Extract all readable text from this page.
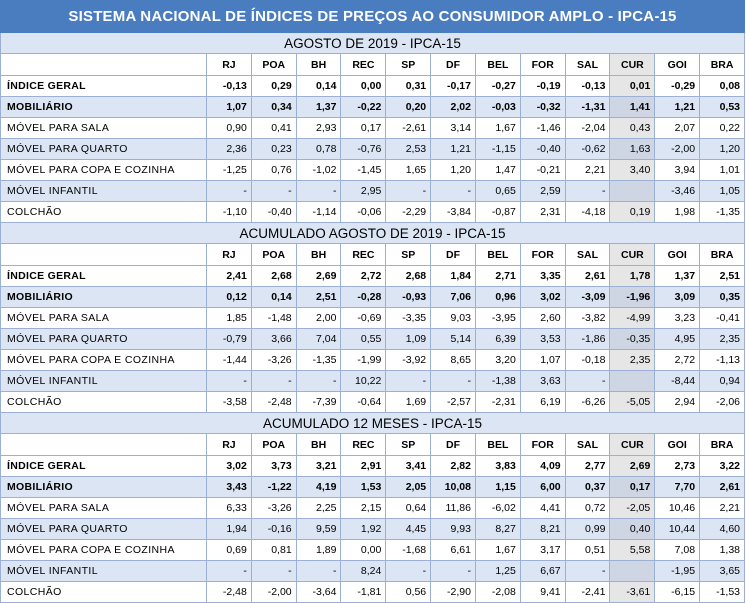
SISTEMA NACIONAL DE ÍNDICES DE PREÇOS AO CONSUMIDOR AMPLO - IPCA-15												
AGOSTO DE 2019 - IPCA-15												
	RJ	POA	BH	REC	SP	DF	BEL	FOR	SAL	CUR	GOI	BRA
ÍNDICE GERAL	-0,13	0,29	0,14	0,00	0,31	-0,17	-0,27	-0,19	-0,13	0,01	-0,29	0,08
MOBILIÁRIO	1,07	0,34	1,37	-0,22	0,20	2,02	-0,03	-0,32	-1,31	1,41	1,21	0,53
MÓVEL PARA SALA	0,90	0,41	2,93	0,17	-2,61	3,14	1,67	-1,46	-2,04	0,43	2,07	0,22
MÓVEL PARA QUARTO	2,36	0,23	0,78	-0,76	2,53	1,21	-1,15	-0,40	-0,62	1,63	-2,00	1,20
MÓVEL PARA COPA E COZINHA	-1,25	0,76	-1,02	-1,45	1,65	1,20	1,47	-0,21	2,21	3,40	3,94	1,01
MÓVEL INFANTIL	-	-	-	2,95	-	-	0,65	2,59	-		-3,46	1,05
COLCHÃO	-1,10	-0,40	-1,14	-0,06	-2,29	-3,84	-0,87	2,31	-4,18	0,19	1,98	-1,35
ACUMULADO AGOSTO DE 2019 - IPCA-15												
	RJ	POA	BH	REC	SP	DF	BEL	FOR	SAL	CUR	GOI	BRA
ÍNDICE GERAL	2,41	2,68	2,69	2,72	2,68	1,84	2,71	3,35	2,61	1,78	1,37	2,51
MOBILIÁRIO	0,12	0,14	2,51	-0,28	-0,93	7,06	0,96	3,02	-3,09	-1,96	3,09	0,35
MÓVEL PARA SALA	1,85	-1,48	2,00	-0,69	-3,35	9,03	-3,95	2,60	-3,82	-4,99	3,23	-0,41
MÓVEL PARA QUARTO	-0,79	3,66	7,04	0,55	1,09	5,14	6,39	3,53	-1,86	-0,35	4,95	2,35
MÓVEL PARA COPA E COZINHA	-1,44	-3,26	-1,35	-1,99	-3,92	8,65	3,20	1,07	-0,18	2,35	2,72	-1,13
MÓVEL INFANTIL	-	-	-	10,22	-	-	-1,38	3,63	-		-8,44	0,94
COLCHÃO	-3,58	-2,48	-7,39	-0,64	1,69	-2,57	-2,31	6,19	-6,26	-5,05	2,94	-2,06
ACUMULADO 12 MESES - IPCA-15												
	RJ	POA	BH	REC	SP	DF	BEL	FOR	SAL	CUR	GOI	BRA
ÍNDICE GERAL	3,02	3,73	3,21	2,91	3,41	2,82	3,83	4,09	2,77	2,69	2,73	3,22
MOBILIÁRIO	3,43	-1,22	4,19	1,53	2,05	10,08	1,15	6,00	0,37	0,17	7,70	2,61
MÓVEL PARA SALA	6,33	-3,26	2,25	2,15	0,64	11,86	-6,02	4,41	0,72	-2,05	10,46	2,21
MÓVEL PARA QUARTO	1,94	-0,16	9,59	1,92	4,45	9,93	8,27	8,21	0,99	0,40	10,44	4,60
MÓVEL PARA COPA E COZINHA	0,69	0,81	1,89	0,00	-1,68	6,61	1,67	3,17	0,51	5,58	7,08	1,38
MÓVEL INFANTIL	-	-	-	8,24	-	-	1,25	6,67	-		-1,95	3,65
COLCHÃO	-2,48	-2,00	-3,64	-1,81	0,56	-2,90	-2,08	9,41	-2,41	-3,61	-6,15	-1,53
